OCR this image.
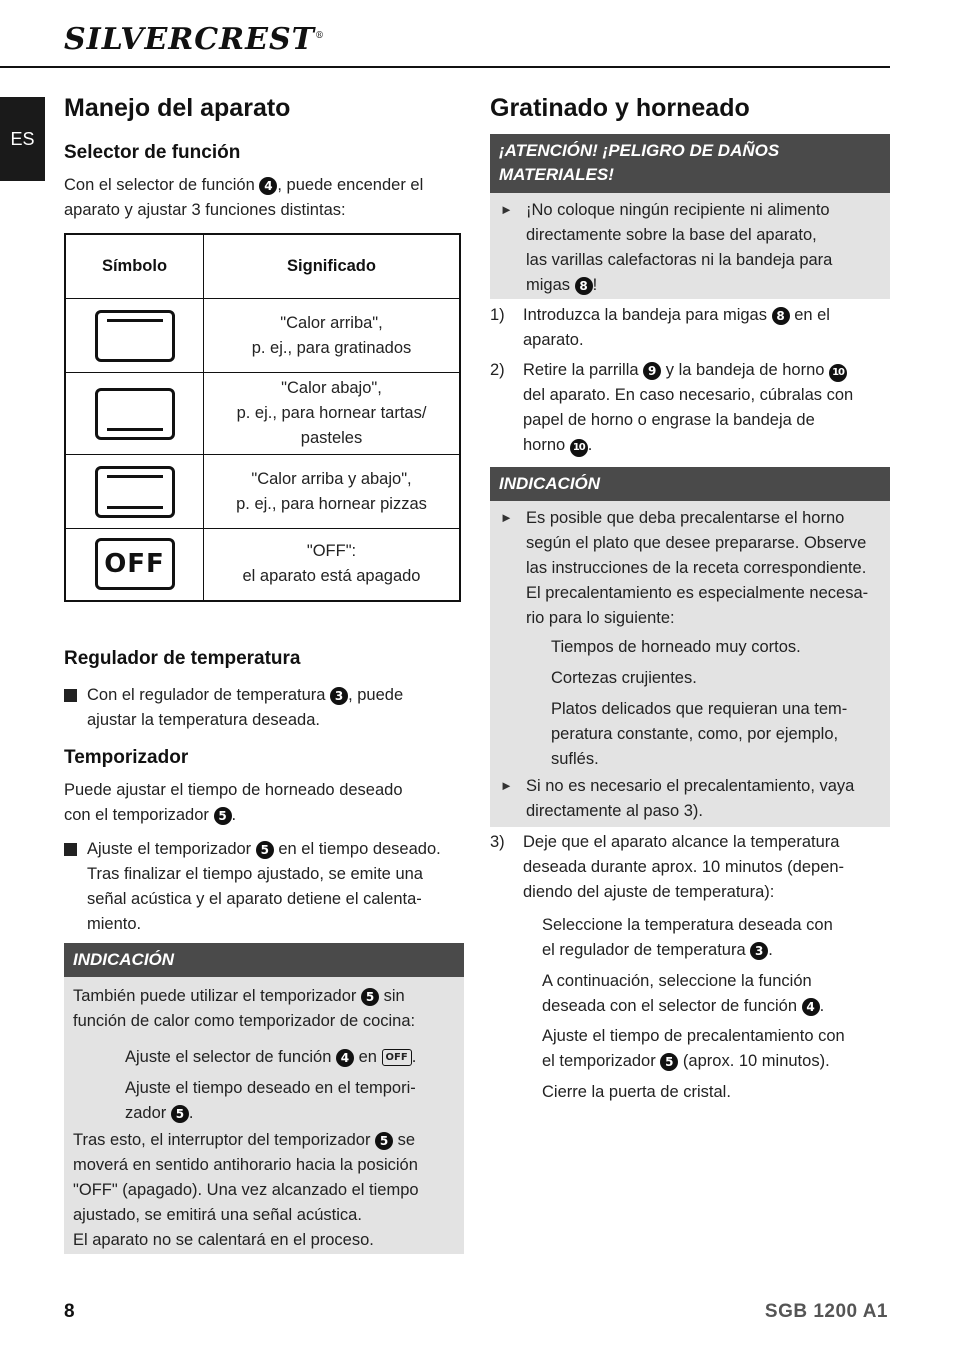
SILVERCREST®
ES
Manejo del aparato
Selector de función
Con el selector de función 4 , puede encender el
aparato y ajustar 3 funciones distintas:
Símbolo	Significado

	"Calor arriba",
p. ej., para gratinados

	"Calor abajo",
p. ej., para hornear tartas/
pasteles

	"Calor arriba y abajo",
p. ej., para hornear pizzas

OFF	"OFF":
el aparato está apagado
Regulador de temperatura
Con el regulador de temperatura 3 , puede
ajustar la temperatura deseada.
Temporizador
Puede ajustar el tiempo de horneado deseado
con el temporizador 5 .
Ajuste el temporizador 5 en el tiempo deseado.
Tras finalizar el tiempo ajustado, se emite una
señal acústica y el aparato detiene el calenta-
miento.
INDICACIÓN
También puede utilizar el temporizador 5 sin
función de calor como temporizador de cocina:
Ajuste el selector de función 4 en OFF .
Ajuste el tiempo deseado en el tempori-
zador 5 .
Tras esto, el interruptor del temporizador 5 se
moverá en sentido antihorario hacia la posición
"OFF" (apagado). Una vez alcanzado el tiempo
ajustado, se emitirá una señal acústica.
El aparato no se calentará en el proceso.
Gratinado y horneado
¡ATENCIÓN! ¡PELIGRO DE DAÑOS
MATERIALES!
► ¡No coloque ningún recipiente ni alimento
directamente sobre la base del aparato,
las varillas calefactoras ni la bandeja para
migas 8 !
1) Introduzca la bandeja para migas 8 en el
aparato.
2) Retire la parrilla 9 y la bandeja de horno 10
del aparato. En caso necesario, cúbralas con
papel de horno o engrase la bandeja de
horno 10 .
INDICACIÓN
► Es posible que deba precalentarse el horno
según el plato que desee prepararse. Observe
las instrucciones de la receta correspondiente.
El precalentamiento es especialmente necesa-
rio para lo siguiente:
Tiempos de horneado muy cortos.
Cortezas crujientes.
Platos delicados que requieran una tem-
peratura constante, como, por ejemplo,
suflés.
► Si no es necesario el precalentamiento, vaya
directamente al paso 3).
3) Deje que el aparato alcance la temperatura
deseada durante aprox. 10 minutos (depen-
diendo del ajuste de temperatura):
Seleccione la temperatura deseada con
el regulador de temperatura 3 .
A continuación, seleccione la función
deseada con el selector de función 4 .
Ajuste el tiempo de precalentamiento con
el temporizador 5 (aprox. 10 minutos).
Cierre la puerta de cristal.
8	SGB 1200 A1
